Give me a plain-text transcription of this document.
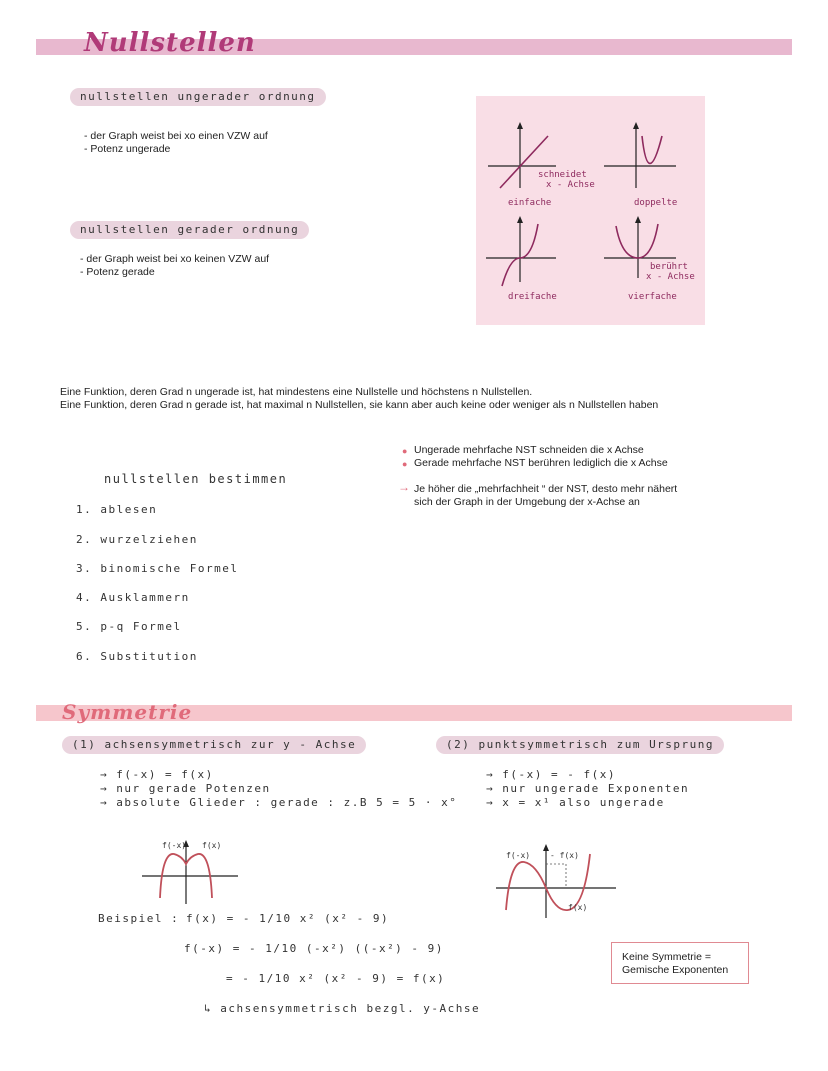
Nullstellen
nullstellen ungerader ordnung
- der Graph weist bei xo einen VZW auf
- Potenz ungerade
nullstellen gerader ordnung
- der Graph weist bei xo keinen VZW auf
- Potenz gerade
schneidet
x - Achse
einfache	doppelte
dreifache
berührt
x - Achse
vierfache
Eine Funktion, deren Grad n ungerade ist, hat mindestens eine Nullstelle und höchstens n Nullstellen.
Eine Funktion, deren Grad n gerade ist, hat maximal n Nullstellen, sie kann aber auch keine oder weniger als n Nullstellen haben
nullstellen bestimmen
1. ablesen
2. wurzelziehen
3. binomische Formel
4. Ausklammern
5. p-q Formel
6. Substitution
● Ungerade mehrfache NST schneiden die x Achse
● Gerade mehrfache NST berühren lediglich die x Achse
→ Je höher die „mehrfachheit “ der NST, desto mehr nähert
sich der Graph in der Umgebung der x-Achse an
Symmetrie
(1) achsensymmetrisch zur y - Achse
→ f(-x) = f(x)
→ nur gerade Potenzen
→ absolute Glieder : gerade : z.B 5 = 5 · x°
f(-x) f(x)
Beispiel : f(x) = - 1/10 x² (x² - 9)
f(-x) = - 1/10 (-x²) ((-x²) - 9)
= - 1/10 x² (x² - 9) = f(x)
↳ achsensymmetrisch bezgl. y-Achse
(2) punktsymmetrisch zum Ursprung
→ f(-x) = - f(x)
→ nur ungerade Exponenten
→ x = x¹ also ungerade
f(-x) - f(x)
f(x)
Keine Symmetrie =
Gemische Exponenten
